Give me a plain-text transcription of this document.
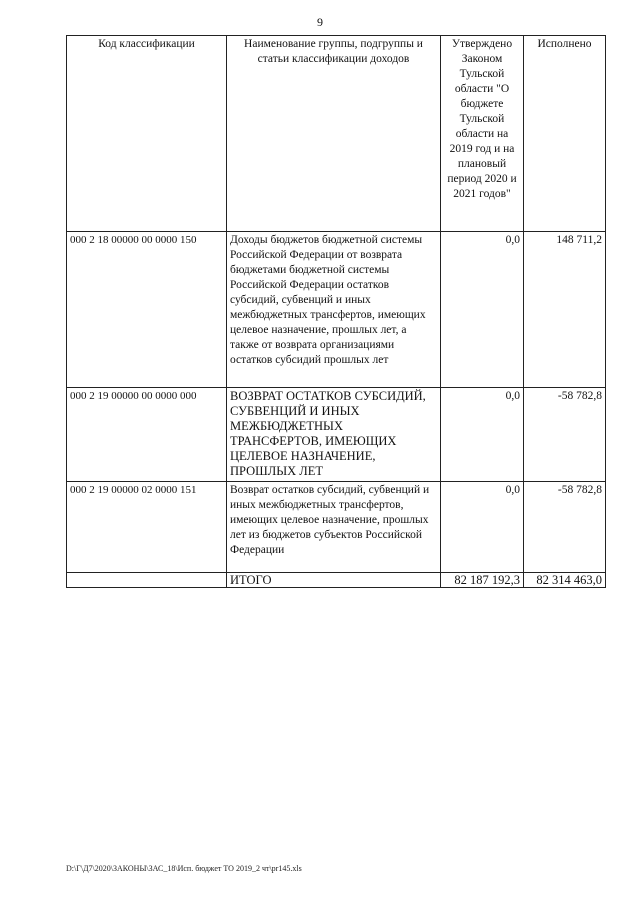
9
Код классификации	Наименование группы, подгруппы и статьи классификации доходов	Утверждено Законом Тульской области "О бюджете Тульской области на 2019 год и на плановый период 2020 и 2021 годов"	Исполнено
000 2 18 00000 00 0000 150	Доходы бюджетов бюджетной системы Российской Федерации от возврата бюджетами бюджетной системы Российской Федерации остатков субсидий, субвенций и иных межбюджетных трансфертов, имеющих целевое назначение, прошлых лет, а также от возврата организациями остатков субсидий прошлых лет	0,0	148 711,2
000 2 19 00000 00 0000 000	ВОЗВРАТ ОСТАТКОВ СУБСИДИЙ, СУБВЕНЦИЙ И ИНЫХ МЕЖБЮДЖЕТНЫХ ТРАНСФЕРТОВ, ИМЕЮЩИХ ЦЕЛЕВОЕ НАЗНАЧЕНИЕ, ПРОШЛЫХ ЛЕТ	0,0	-58 782,8
000 2 19 00000 02 0000 151	Возврат остатков субсидий, субвенций и иных межбюджетных трансфертов, имеющих целевое назначение, прошлых лет из бюджетов субъектов Российской Федерации	0,0	-58 782,8
	ИТОГО	82 187 192,3	82 314 463,0
D:\Г\Д7\2020\ЗАКОНЫ\ЗАС_18\Исп. бюджет ТО 2019_2 чт\pr145.xls
